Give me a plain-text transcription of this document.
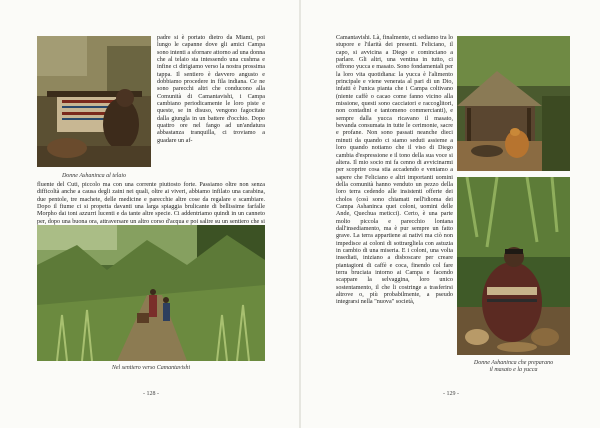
Donne Ashaninca al telaio
padre si è portato dietro da Miami, poi lungo le capanne dove gli amici Campa sono intenti a sfornare attorno ad una donna che al telaio sta intessendo una cushma e infine ci dirigiamo verso la nostra prossima tappa. Il sentiero è davvero angusto e dobbiamo procedere in fila indiana. Ce ne sono parecchi altri che conducono alla Comunità di Camantavishi, i Campa cambiano periodicamente le loro piste e queste, se in disuso, vengono fagocitate dalla giungla in un battere d'occhio. Dopo quattro ore nel fango ad un'andatura abbastanza tranquilla, ci troviamo a guadare un af-
fluente del Cuti, piccolo ma con una corrente piuttosto forte. Passiamo oltre non senza difficoltà anche a causa degli zaini nei quali, oltre ai viveri, abbiamo infilato una carabina, due pentole, tre machete, delle medicine e parecchie altre cose da regalare e scambiare. Dopo il fiume ci si propetta davanti una larga spiaggia brulicante di bellissime farfalle Morpho dai toni azzurri lucenti e da tante altre specie. Ci addentriamo quindi in un canneto per, dopo una buona ora, attraversare un altro corso d'acqua e poi salire su un sentiero che si
Nel sentiero verso Camantavishi
- 128 -
Camantavishi. Là, finalmente, ci sediamo tra lo stupore e l'ilarità dei presenti. Feliciano, il capo, si avvicina a Diego e cominciano a parlare. Gli altri, una ventina in tutto, ci offrono yucca e masato. Sono fondamentali per la loro vita quotidiana: la yucca è l'alimento principale e viene venerata al pari di un Dio, infatti è l'unica pianta che i Campa coltivano (niente caffè o cacao come fanno vicino alla missione, questi sono cacciatori e raccoglitori, non contadini e tantomeno commercianti), e sempre dalla yucca ricavano il masato, bevanda consumata in tutte le cerimonie, sacre e profane. Non sono passati neanche dieci minuti da quando ci siamo seduti assieme a loro quando notiamo che il viso di Diego cambia d'espressione e il tono della sua voce si altera. Il mio socio mi fa cenno di avvicinarmi per scoprire cosa stia accadendo e veniamo a sapere che Feliciano e altri importanti uomini della comunità hanno venduto un pezzo della loro terra cedendo alle insistenti offerte dei cholos (così sono chiamati nell'idioma dei Campa Ashaninca quei coloni, uomini delle Ande, Quechua meticci). Certo, è una parte molto piccola e parecchio lontana dall'insediamento, ma è pur sempre un fatto grave. La terra appartiene ai nativi ma ciò non impedisce ai coloni di sottrargliela con astuzia in cambio di una miseria. E i coloni, una volta insediati, iniziano a disboscare per creare piantagioni di caffè e coca, finendo col fare terra bruciata intorno ai Campa e facendo scappare la selvaggina, loro unico sostentamento, il che li costringe a trasferirsi altrove o, più probabilmente, a pseudo integrarsi nella "nuova" società,
Donne Ashaninca che preparano
il masato e la yucca
- 129 -
